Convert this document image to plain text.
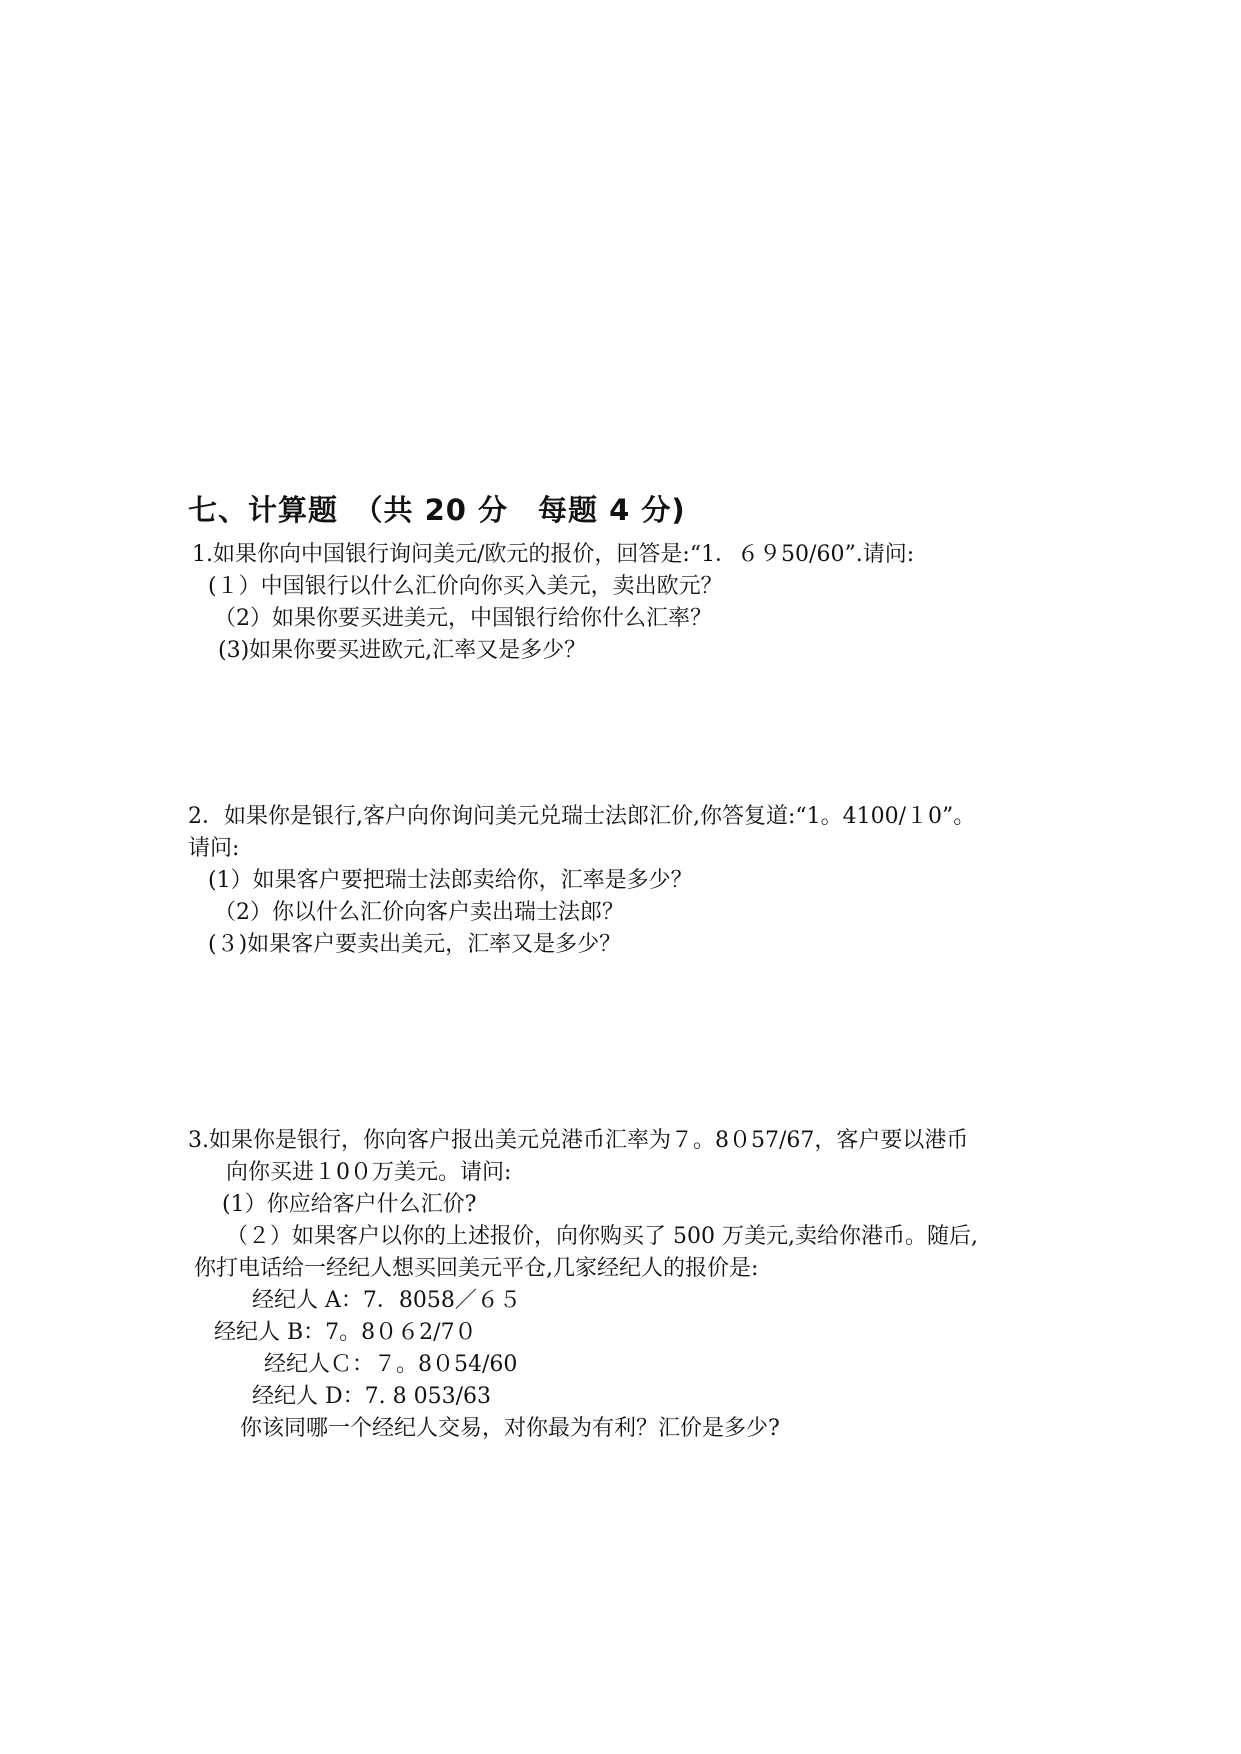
七、计算题　（共 20 分　每题 4 分)
1.如果你向中国银行询问美元/欧元的报价，回答是:“1．６９50/60”.请问:
(１）中国银行以什么汇价向你买入美元，卖出欧元？
（2）如果你要买进美元，中国银行给你什么汇率？
(3)如果你要买进欧元,汇率又是多少？
2．如果你是银行,客户向你询问美元兑瑞士法郎汇价,你答复道:“1。4100/１0”。
请问:
(1）如果客户要把瑞士法郎卖给你，汇率是多少？
（2）你以什么汇价向客户卖出瑞士法郎？
(３)如果客户要卖出美元，汇率又是多少？
3.如果你是银行，你向客户报出美元兑港币汇率为７。8０57/67，客户要以港币
向你买进１0０万美元。请问:
(1）你应给客户什么汇价?
（２）如果客户以你的上述报价，向你购买了 500 万美元,卖给你港币。随后,
你打电话给一经纪人想买回美元平仓,几家经纪人的报价是:
经纪人 A：7．8058／６５
经纪人 B：7。8０６2/7０
经纪人Ｃ：７。8０54/60
经纪人 D：7. 8 053/63
你该同哪一个经纪人交易，对你最为有利？汇价是多少?
